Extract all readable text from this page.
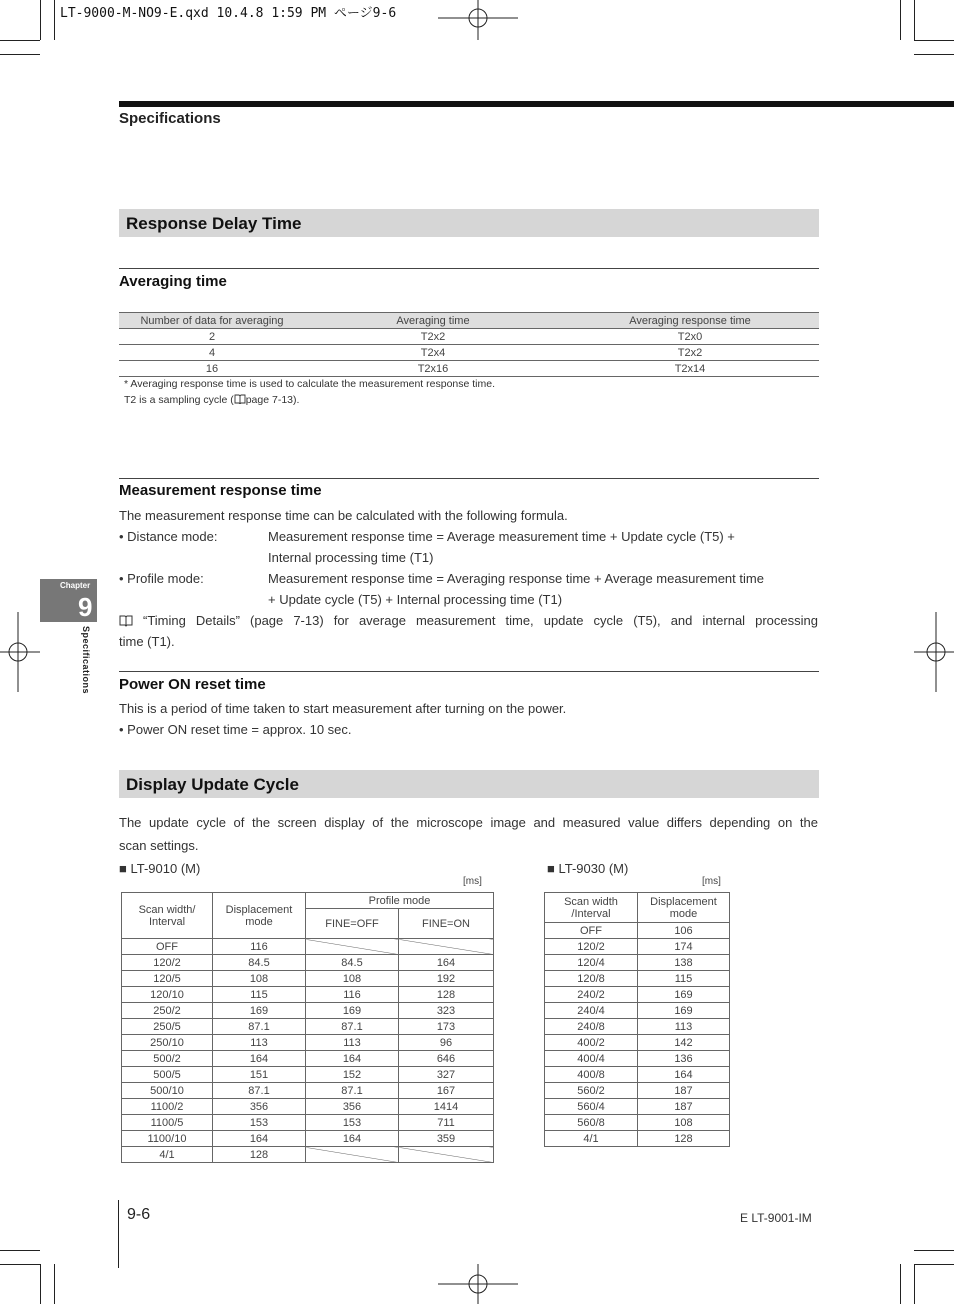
LT-9000-M-NO9-E.qxd 10.4.8 1:59 PM ページ9-6
Specifications
Chapter
9
Specifications
Response Delay Time
Averaging time
Number of data for averaging	Averaging time	Averaging response time
2	T2x2	T2x0
4	T2x4	T2x2
16	T2x16	T2x14
* Averaging response time is used to calculate the measurement response time.
T2 is a sampling cycle ( page 7-13).
Measurement response time
The measurement response time can be calculated with the following formula.
• Distance mode:	Measurement response time = Average measurement time + Update cycle (T5) +
Internal processing time (T1)
• Profile mode:	Measurement response time = Averaging response time + Average measurement time
+ Update cycle (T5) + Internal processing time (T1)
“Timing Details” (page 7-13) for average measurement time, update cycle (T5), and internal processing
time (T1).
Power ON reset time
This is a period of time taken to start measurement after turning on the power.
• Power ON reset time = approx. 10 sec.
Display Update Cycle
The update cycle of the screen display of the microscope image and measured value differs depending on the
scan settings.
■ LT-9010 (M)
[ms]
■ LT-9030 (M)
[ms]
Scan width/ Interval	Displacement mode	Profile mode	
		FINE=OFF	FINE=ON
OFF	116		
120/2	84.5	84.5	164
120/5	108	108	192
120/10	115	116	128
250/2	169	169	323
250/5	87.1	87.1	173
250/10	113	113	96
500/2	164	164	646
500/5	151	152	327
500/10	87.1	87.1	167
1100/2	356	356	1414
1100/5	153	153	711
1100/10	164	164	359
4/1	128		
Scan width /Interval	Displacement mode
OFF	106
120/2	174
120/4	138
120/8	115
240/2	169
240/4	169
240/8	113
400/2	142
400/4	136
400/8	164
560/2	187
560/4	187
560/8	108
4/1	128
9-6	E LT-9001-IM
